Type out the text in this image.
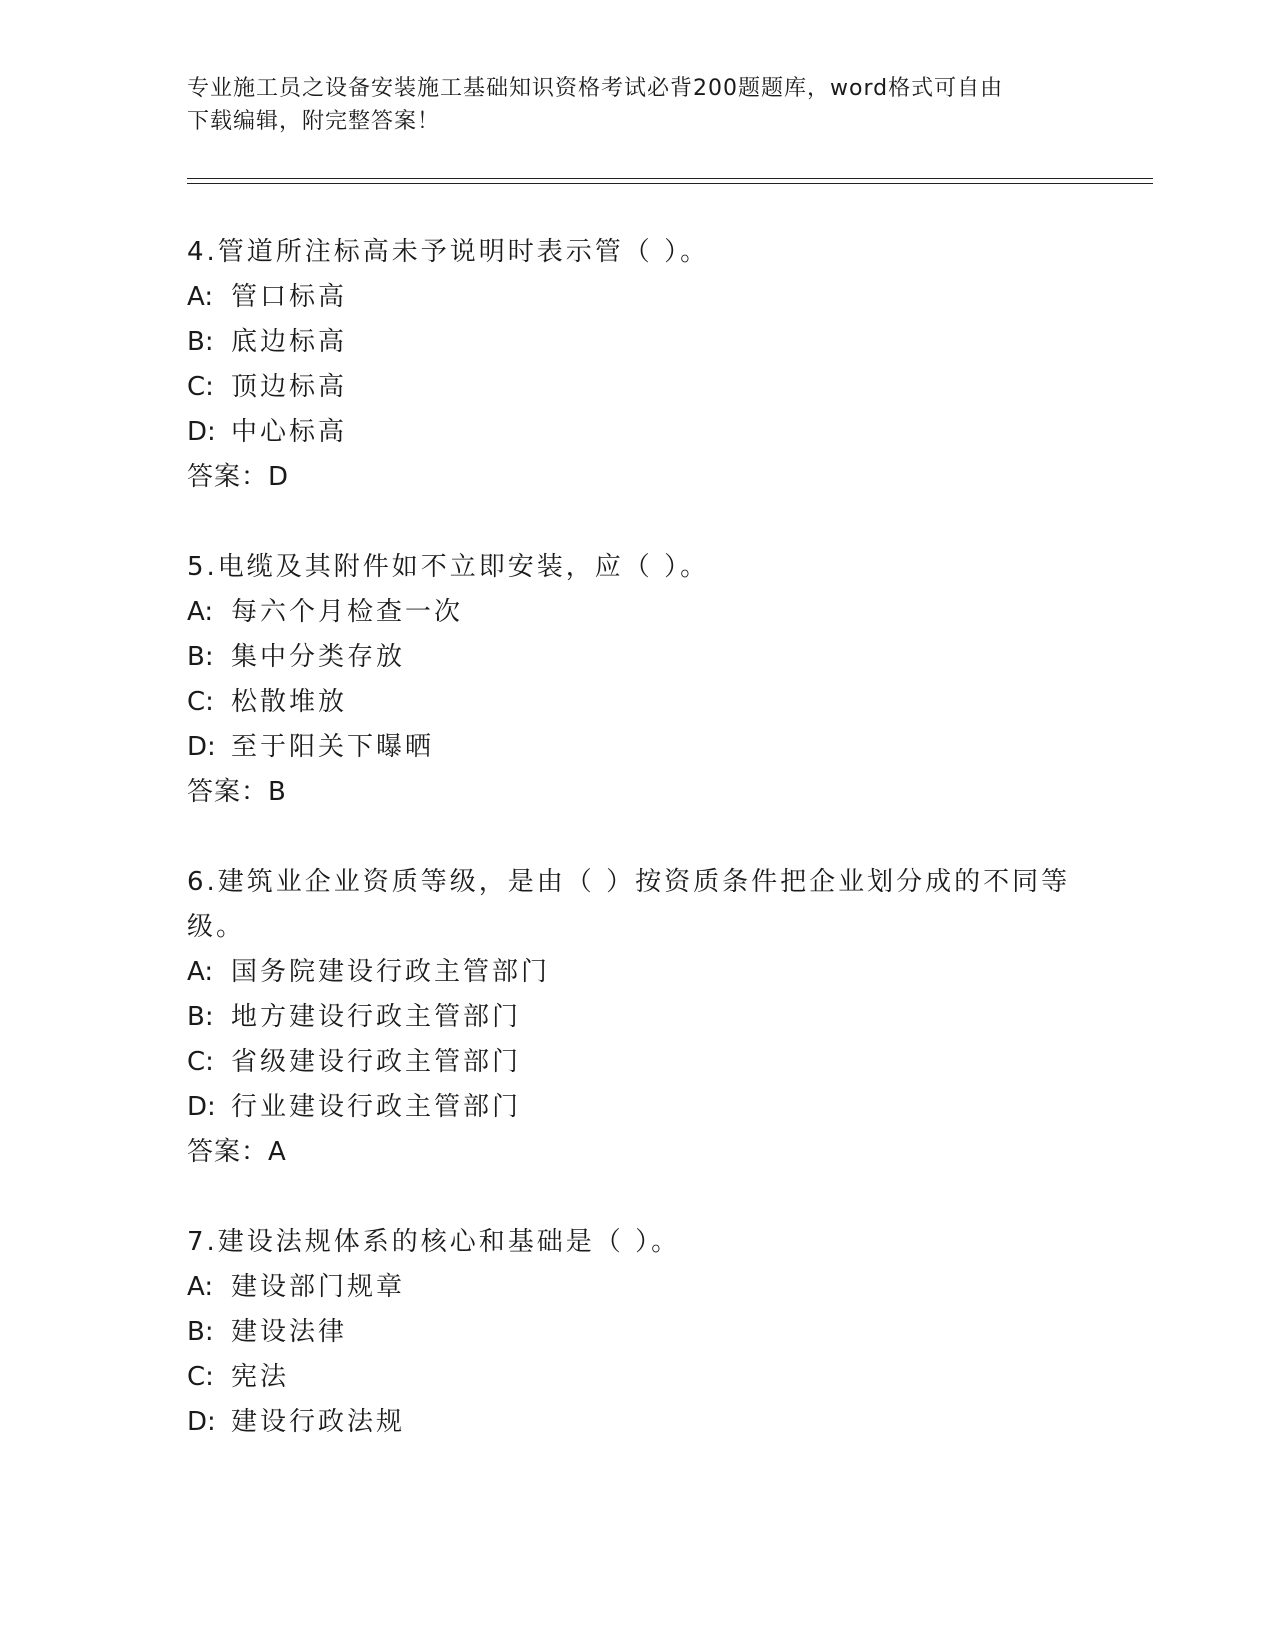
专业施工员之设备安装施工基础知识资格考试必背200题题库，word格式可自由
下载编辑，附完整答案！
4.管道所注标高未予说明时表示管（ ）。
A: 管口标高
B: 底边标高
C: 顶边标高
D: 中心标高
答案：D
5.电缆及其附件如不立即安装，应（ ）。
A: 每六个月检查一次
B: 集中分类存放
C: 松散堆放
D: 至于阳关下曝晒
答案：B
6.建筑业企业资质等级，是由（ ）按资质条件把企业划分成的不同等级。
A: 国务院建设行政主管部门
B: 地方建设行政主管部门
C: 省级建设行政主管部门
D: 行业建设行政主管部门
答案：A
7.建设法规体系的核心和基础是（ ）。
A: 建设部门规章
B: 建设法律
C: 宪法
D: 建设行政法规
